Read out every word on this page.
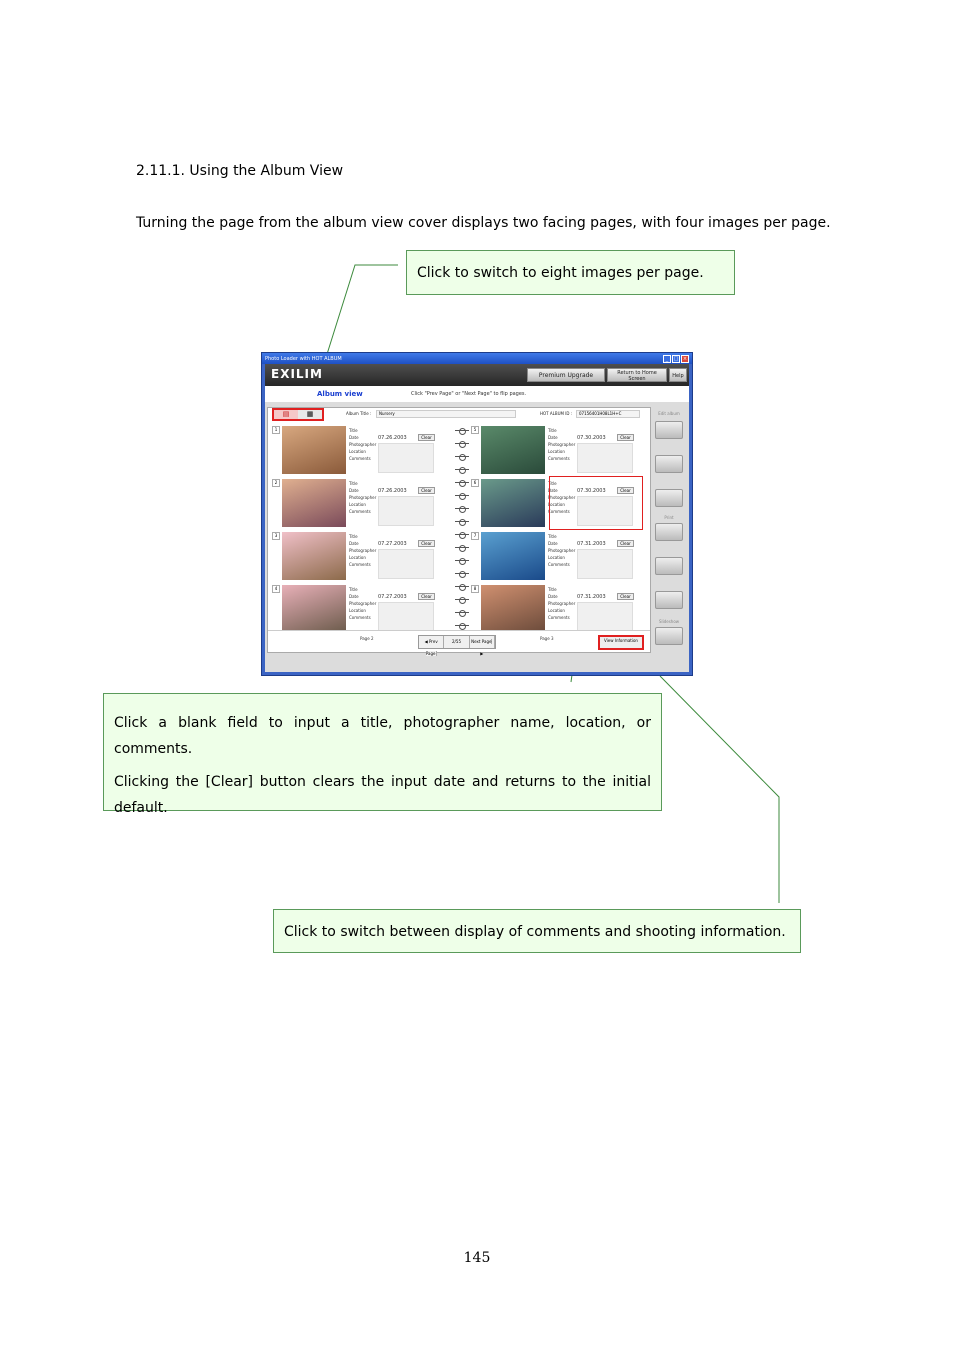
2.11.1. Using the Album View
Turning the page from the album view cover displays two facing pages, with four images per page.
Click to switch to eight images per page.

Click a blank field to input a title, photographer name, location, or comments.

Clicking the [Clear] button clears the input date and returns to the initial default.

Click to switch between display of comments and shooting information.
Photo Loader with HOT ALBUM	_	□ ×
EXILIM	Premium Upgrade	Return to Home Screen	Help
Album view	Click "Prev Page" or "Next Page" to flip pages.
▤	▦	Album Title :	Nursery	HOT ALBUM ID :	07156401H08L1H+C
1	Title
Date
Photographer
Location
Comments
07.26.2003	Clear
2	Title
Date
Photographer
Location
Comments
07.26.2003	Clear
3	Title
Date
Photographer
Location
Comments
07.27.2003	Clear
4	Title
Date
Photographer
Location
Comments
07.27.2003	Clear
5	Title
Date
Photographer
Location
Comments
07.30.2003	Clear
6	Title
Date
Photographer
Location
Comments
07.30.2003	Clear
7	Title
Date
Photographer
Location
Comments
07.31.2003	Clear
8	Title
Date
Photographer
Location
Comments
07.31.2003	Clear
Page 2
◀ Prev Page
2/55	Next Page ▶
Page 3	View Information
Edit album
Print
Slideshow
145
